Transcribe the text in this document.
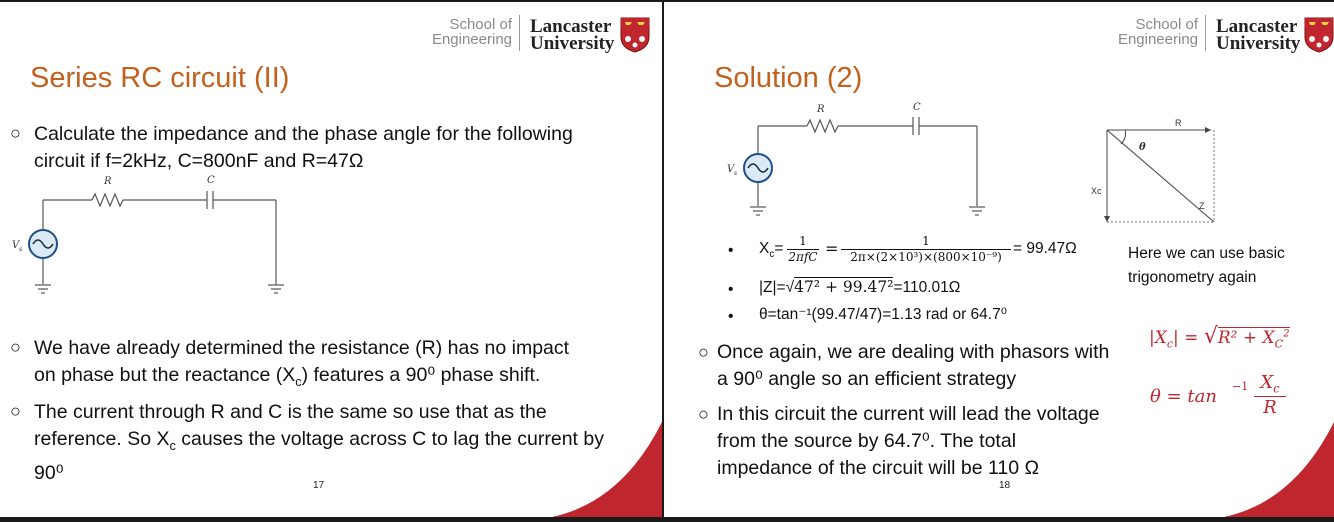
School of
Engineering
Lancaster
University
Series RC circuit (II)
○ Calculate the impedance and the phase angle for the following
circuit if f=2kHz, C=800nF and R=47Ω
R	C
V s
○ We have already determined the resistance (R) has no impact
on phase but the reactance $(X_c)$ features a 90⁰ phase shift.
○ The current through R and C is the same so use that as the
reference. So $X_c$ causes the voltage across C to lag the current by
90⁰
17
School of
Engineering
Lancaster
University
Solution (2)
R	C
V s
R
Xc
Z
θ
• $X_c=$	1
2πfC =	1
2π×(2×10³)×(800×10⁻⁹) = 99.47Ω
• |Z|=√47² + 99.47²=110.01Ω
• θ=tan⁻¹(99.47/47)=1.13 rad or 64.7⁰
Here we can use basic
trigonometry again
$|X_c| = √R^2 + X_C^2$
θ = tan −1 $X_c$
R
○ Once again, we are dealing with phasors with
a 90⁰ angle so an efficient strategy
○ In this circuit the current will lead the voltage
from the source by 64.7⁰. The total
impedance of the circuit will be 110 Ω
18
